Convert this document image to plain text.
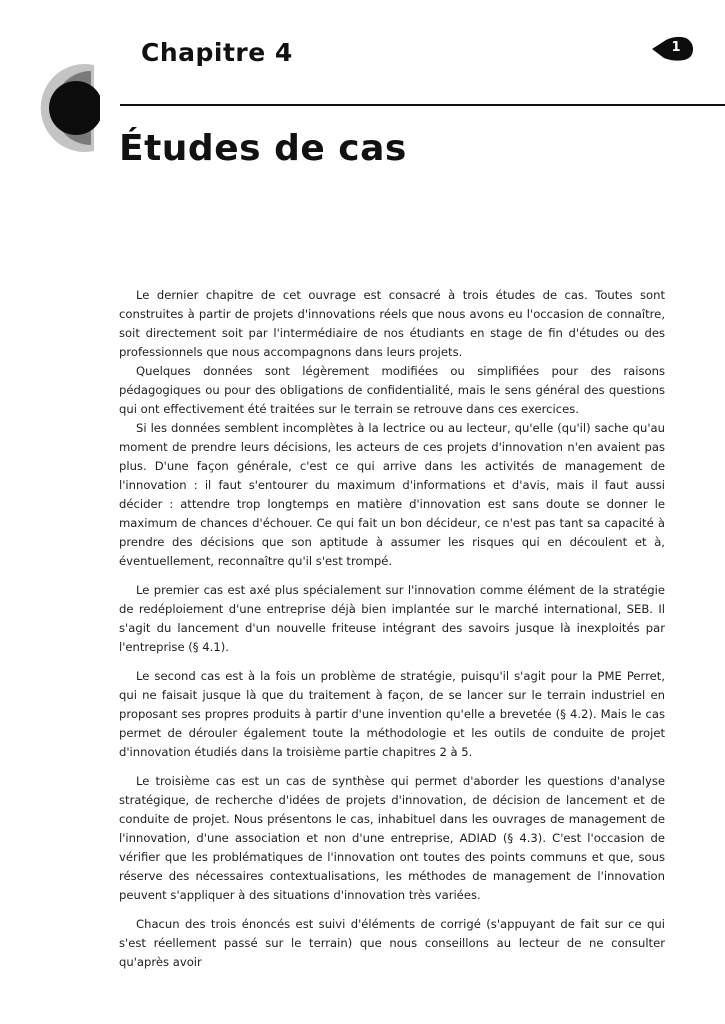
Chapitre 4	1
Études de cas

Le dernier chapitre de cet ouvrage est consacré à trois études de cas. Toutes sont construites à partir de projets d'innovations réels que nous avons eu l'occasion de connaître, soit directement soit par l'intermédiaire de nos étudiants en stage de fin d'études ou des professionnels que nous accompagnons dans leurs projets.

Quelques données sont légèrement modifiées ou simplifiées pour des raisons pédagogiques ou pour des obligations de confidentialité, mais le sens général des questions qui ont effectivement été traitées sur le terrain se retrouve dans ces exercices.

Si les données semblent incomplètes à la lectrice ou au lecteur, qu'elle (qu'il) sache qu'au moment de prendre leurs décisions, les acteurs de ces projets d'innovation n'en avaient pas plus. D'une façon générale, c'est ce qui arrive dans les activités de management de l'innovation : il faut s'entourer du maximum d'informations et d'avis, mais il faut aussi décider : attendre trop longtemps en matière d'innovation est sans doute se donner le maximum de chances d'échouer. Ce qui fait un bon décideur, ce n'est pas tant sa capacité à prendre des décisions que son aptitude à assumer les risques qui en découlent et à, éventuellement, reconnaître qu'il s'est trompé.

Le premier cas est axé plus spécialement sur l'innovation comme élément de la stratégie de redéploiement d'une entreprise déjà bien implantée sur le marché international, SEB. Il s'agit du lancement d'un nouvelle friteuse intégrant des savoirs jusque là inexploités par l'entreprise (§ 4.1).

Le second cas est à la fois un problème de stratégie, puisqu'il s'agit pour la PME Perret, qui ne faisait jusque là que du traitement à façon, de se lancer sur le terrain industriel en proposant ses propres produits à partir d'une invention qu'elle a brevetée (§ 4.2). Mais le cas permet de dérouler également toute la méthodologie et les outils de conduite de projet d'innovation étudiés dans la troisième partie chapitres 2 à 5.

Le troisième cas est un cas de synthèse qui permet d'aborder les questions d'analyse stratégique, de recherche d'idées de projets d'innovation, de décision de lancement et de conduite de projet. Nous présentons le cas, inhabituel dans les ouvrages de management de l'innovation, d'une association et non d'une entreprise, ADIAD (§ 4.3). C'est l'occasion de vérifier que les problématiques de l'innovation ont toutes des points communs et que, sous réserve des nécessaires contextualisations, les méthodes de management de l'innovation peuvent s'appliquer à des situations d'innovation très variées.

Chacun des trois énoncés est suivi d'éléments de corrigé (s'appuyant de fait sur ce qui s'est réellement passé sur le terrain) que nous conseillons au lecteur de ne consulter qu'après avoir
